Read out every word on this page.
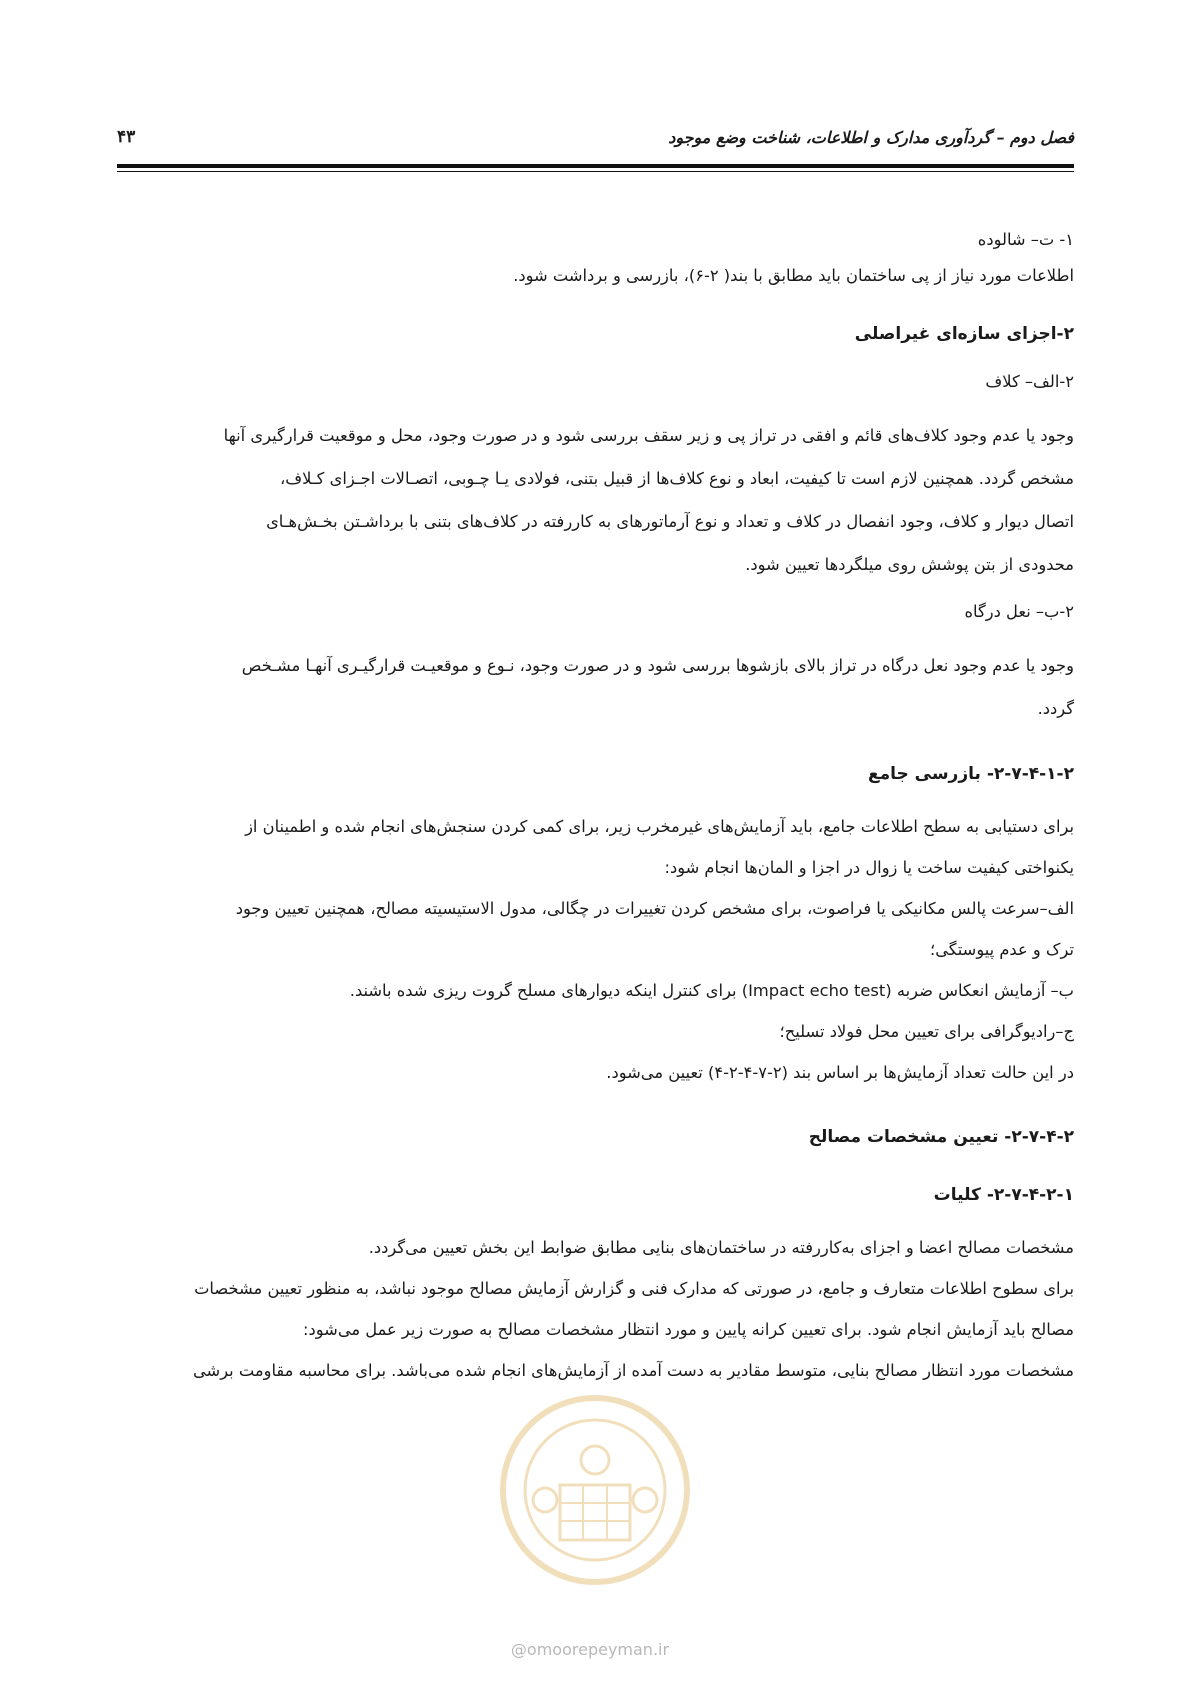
فصل دوم – گردآوری مدارک و اطلاعات، شناخت وضع موجود
۴۳

۱- ت– شالوده

اطلاعات مورد نیاز از پی ساختمان باید مطابق با بند( ۲-۶)، بازرسی و برداشت شود.

۲-اجزای سازه‌ای غیراصلی

۲-الف– کلاف

وجود یا عدم وجود کلاف‌های قائم و افقی در تراز پی و زیر سقف بررسی شود و در صورت وجود، محل و موقعیت قرارگیری آنها

مشخص گردد. همچنین لازم است تا کیفیت، ابعاد و نوع کلاف‌ها از قبیل بتنی، فولادی یـا چـوبی، اتصـالات اجـزای کـلاف،

اتصال دیوار و کلاف، وجود انفصال در کلاف و تعداد و نوع آرماتورهای به کاررفته در کلاف‌های بتنی با برداشـتن بخـش‌هـای

محدودی از بتن پوشش روی میلگردها تعیین شود.

۲-ب– نعل درگاه

وجود یا عدم وجود نعل درگاه در تراز بالای بازشوها بررسی شود و در صورت وجود، نـوع و موقعیـت قرارگیـری آنهـا مشـخص

گردد.

۲-۷-۴-۱-۲- بازرسی جامع

برای دستیابی به سطح اطلاعات جامع، باید آزمایش‌های غیرمخرب زیر، برای کمی کردن سنجش‌های انجام شده و اطمینان از

یکنواختی کیفیت ساخت یا زوال در اجزا و المان‌ها انجام شود:

الف–سرعت پالس مکانیکی یا فراصوت، برای مشخص کردن تغییرات در چگالی، مدول الاستیسیته مصالح، همچنین تعیین وجود

ترک و عدم پیوستگی؛

ب– آزمایش انعکاس ضربه (Impact echo test) برای کنترل اینکه دیوارهای مسلح گروت ریزی شده باشند.

ج–رادیوگرافی برای تعیین محل فولاد تسلیح؛

در این حالت تعداد آزمایش‌ها بر اساس بند (۲-۷-۴-۲-۴) تعیین می‌شود.

۲-۷-۴-۲- تعیین مشخصات مصالح

۲-۷-۴-۲-۱- کلیات

مشخصات مصالح اعضا و اجزای به‌کاررفته در ساختمان‌های بنایی مطابق ضوابط این بخش تعیین می‌گردد.

برای سطوح اطلاعات متعارف و جامع، در صورتی که مدارک فنی و گزارش آزمایش مصالح موجود نباشد، به منظور تعیین مشخصات

مصالح باید آزمایش انجام شود. برای تعیین کرانه پایین و مورد انتظار مشخصات مصالح به صورت زیر عمل می‌شود:

مشخصات مورد انتظار مصالح بنایی، متوسط مقادیر به دست آمده از آزمایش‌های انجام شده می‌باشد. برای محاسبه مقاومت برشی

@omoorepeyman.ir
